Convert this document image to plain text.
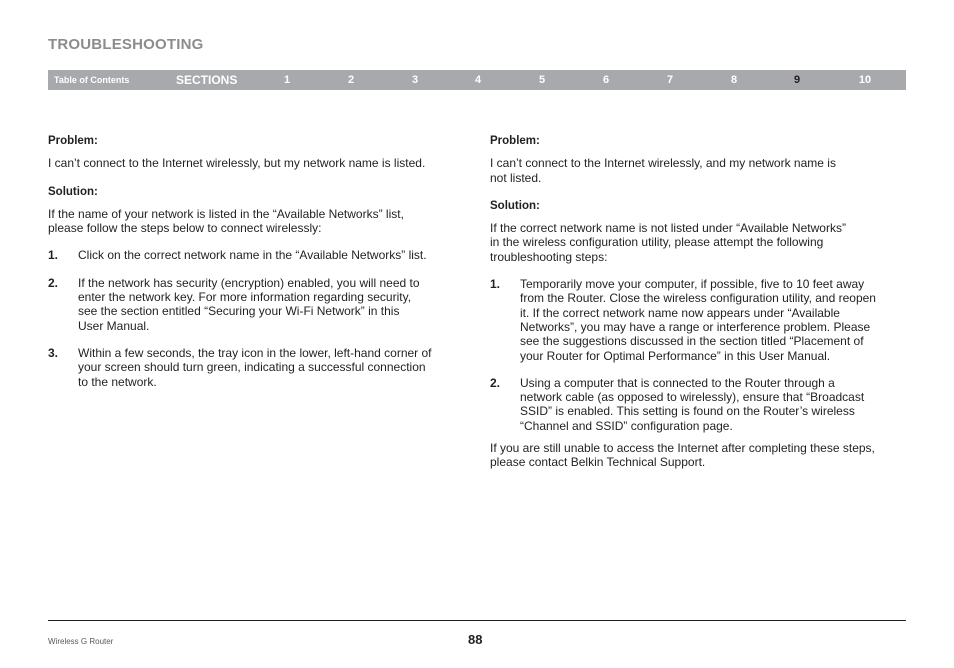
TROUBLESHOOTING
Table of Contents	SECTIONS	1	2	3	4	5	6	7	8	9	10

Problem:

I can’t connect to the Internet wirelessly, but my network name is listed.

Solution:

If the name of your network is listed in the “Available Networks” list,
please follow the steps below to connect wirelessly:

1.	Click on the correct network name in the “Available Networks” list.
2.	If the network has security (encryption) enabled, you will need to
enter the network key. For more information regarding security,
see the section entitled “Securing your Wi-Fi Network” in this
User Manual.
3.	Within a few seconds, the tray icon in the lower, left-hand corner of
your screen should turn green, indicating a successful connection
to the network.

Problem:

I can’t connect to the Internet wirelessly, and my network name is
not listed.

Solution:

If the correct network name is not listed under “Available Networks”
in the wireless configuration utility, please attempt the following
troubleshooting steps:

1.	Temporarily move your computer, if possible, five to 10 feet away
from the Router. Close the wireless configuration utility, and reopen
it. If the correct network name now appears under “Available
Networks”, you may have a range or interference problem. Please
see the suggestions discussed in the section titled “Placement of
your Router for Optimal Performance” in this User Manual.
2.	Using a computer that is connected to the Router through a
network cable (as opposed to wirelessly), ensure that “Broadcast
SSID” is enabled. This setting is found on the Router’s wireless
“Channel and SSID” configuration page.

If you are still unable to access the Internet after completing these steps,
please contact Belkin Technical Support.

Wireless G Router	88
